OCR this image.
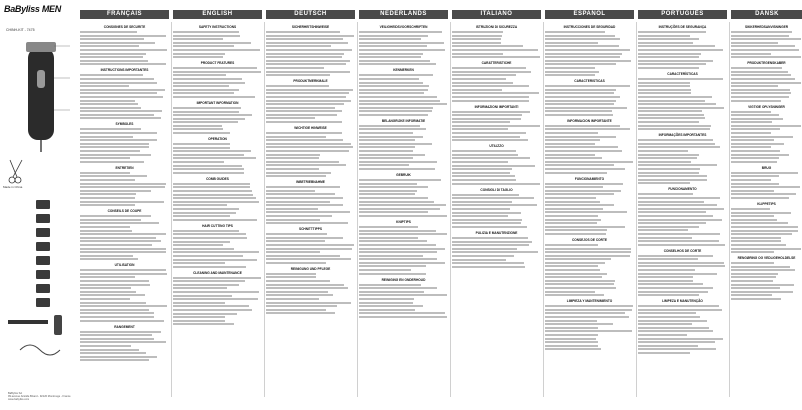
BaByliss MEN
CHINH-KIT - 7475
Made in China
BaByliss SA
99 avenue Aristide Briand - 92120 Montrouge - France
www.babyliss.com
FRANÇAIS	ENGLISH	DEUTSCH	NEDERLANDS	ITALIANO	ESPAÑOL	PORTUGUÊS	DANSK
CONSIGNES DE SECURITE
INSTRUCTIONS IMPORTANTES
SYMBOLES
ENTRETIEN
CONSEILS DE COUPE
UTILISATION
RANGEMENT
SAFETY INSTRUCTIONS
PRODUCT FEATURES
IMPORTANT INFORMATION
OPERATION
COMB GUIDES
HAIR CUTTING TIPS
CLEANING AND MAINTENANCE
SICHERHEITSHINWEISE
PRODUKTMERKMALE
WICHTIGE HINWEISE
INBETRIEBNAHME
SCHNITTTIPPS
REINIGUNG UND PFLEGE
VEILIGHEIDSVOORSCHRIFTEN
KENMERKEN
BELANGRIJKE INFORMATIE
GEBRUIK
KNIPTIPS
REINIGING EN ONDERHOUD
ISTRUZIONI DI SICUREZZA
CARATTERISTICHE
INFORMAZIONI IMPORTANTI
UTILIZZO
CONSIGLI DI TAGLIO
PULIZIA E MANUTENZIONE
INSTRUCCIONES DE SEGURIDAD
CARACTERISTICAS
INFORMACION IMPORTANTE
FUNCIONAMIENTO
CONSEJOS DE CORTE
LIMPIEZA Y MANTENIMIENTO
INSTRUÇÕES DE SEGURANÇA
CARACTERÍSTICAS
INFORMAÇÕES IMPORTANTES
FUNCIONAMENTO
CONSELHOS DE CORTE
LIMPEZA E MANUTENÇÃO
SIKKERHEDSANVISNINGER
PRODUKTEGENSKABER
VIGTIGE OPLYSNINGER
BRUG
KLIPPETIPS
RENGØRING OG VEDLIGEHOLDELSE
